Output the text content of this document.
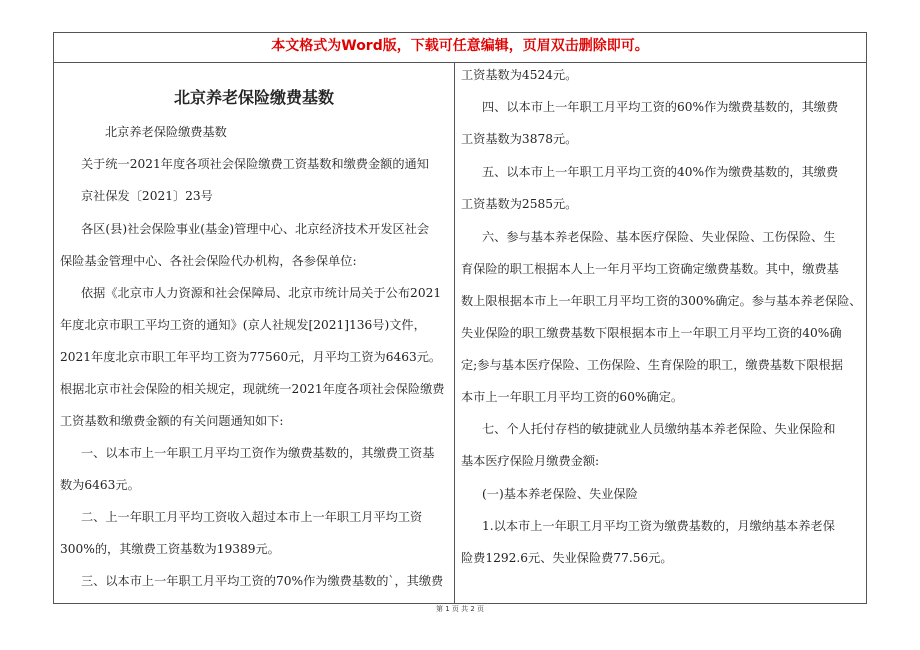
本文格式为Word版，下载可任意编辑，页眉双击删除即可。
北京养老保险缴费基数

北京养老保险缴费基数

关于统一2021年度各项社会保险缴费工资基数和缴费金额的通知

京社保发〔2021〕23号

各区(县)社会保险事业(基金)管理中心、北京经济技术开发区社会

保险基金管理中心、各社会保险代办机构，各参保单位:

依据《北京市人力资源和社会保障局、北京市统计局关于公布2021

年度北京市职工平均工资的通知》(京人社规发[2021]136号)文件，

2021年度北京市职工年平均工资为77560元，月平均工资为6463元。

根据北京市社会保险的相关规定，现就统一2021年度各项社会保险缴费

工资基数和缴费金额的有关问题通知如下:

一、以本市上一年职工月平均工资作为缴费基数的，其缴费工资基

数为6463元。

二、上一年职工月平均工资收入超过本市上一年职工月平均工资

300%的，其缴费工资基数为19389元。

三、以本市上一年职工月平均工资的70%作为缴费基数的`，其缴费

工资基数为4524元。

四、以本市上一年职工月平均工资的60%作为缴费基数的，其缴费

工资基数为3878元。

五、以本市上一年职工月平均工资的40%作为缴费基数的，其缴费

工资基数为2585元。

六、参与基本养老保险、基本医疗保险、失业保险、工伤保险、生

育保险的职工根据本人上一年月平均工资确定缴费基数。其中，缴费基

数上限根据本市上一年职工月平均工资的300%确定。参与基本养老保险、

失业保险的职工缴费基数下限根据本市上一年职工月平均工资的40%确

定;参与基本医疗保险、工伤保险、生育保险的职工，缴费基数下限根据

本市上一年职工月平均工资的60%确定。

七、个人托付存档的敏捷就业人员缴纳基本养老保险、失业保险和

基本医疗保险月缴费金额:

(一)基本养老保险、失业保险

1.以本市上一年职工月平均工资为缴费基数的，月缴纳基本养老保

险费1292.6元、失业保险费77.56元。

第 1 页 共 2 页
